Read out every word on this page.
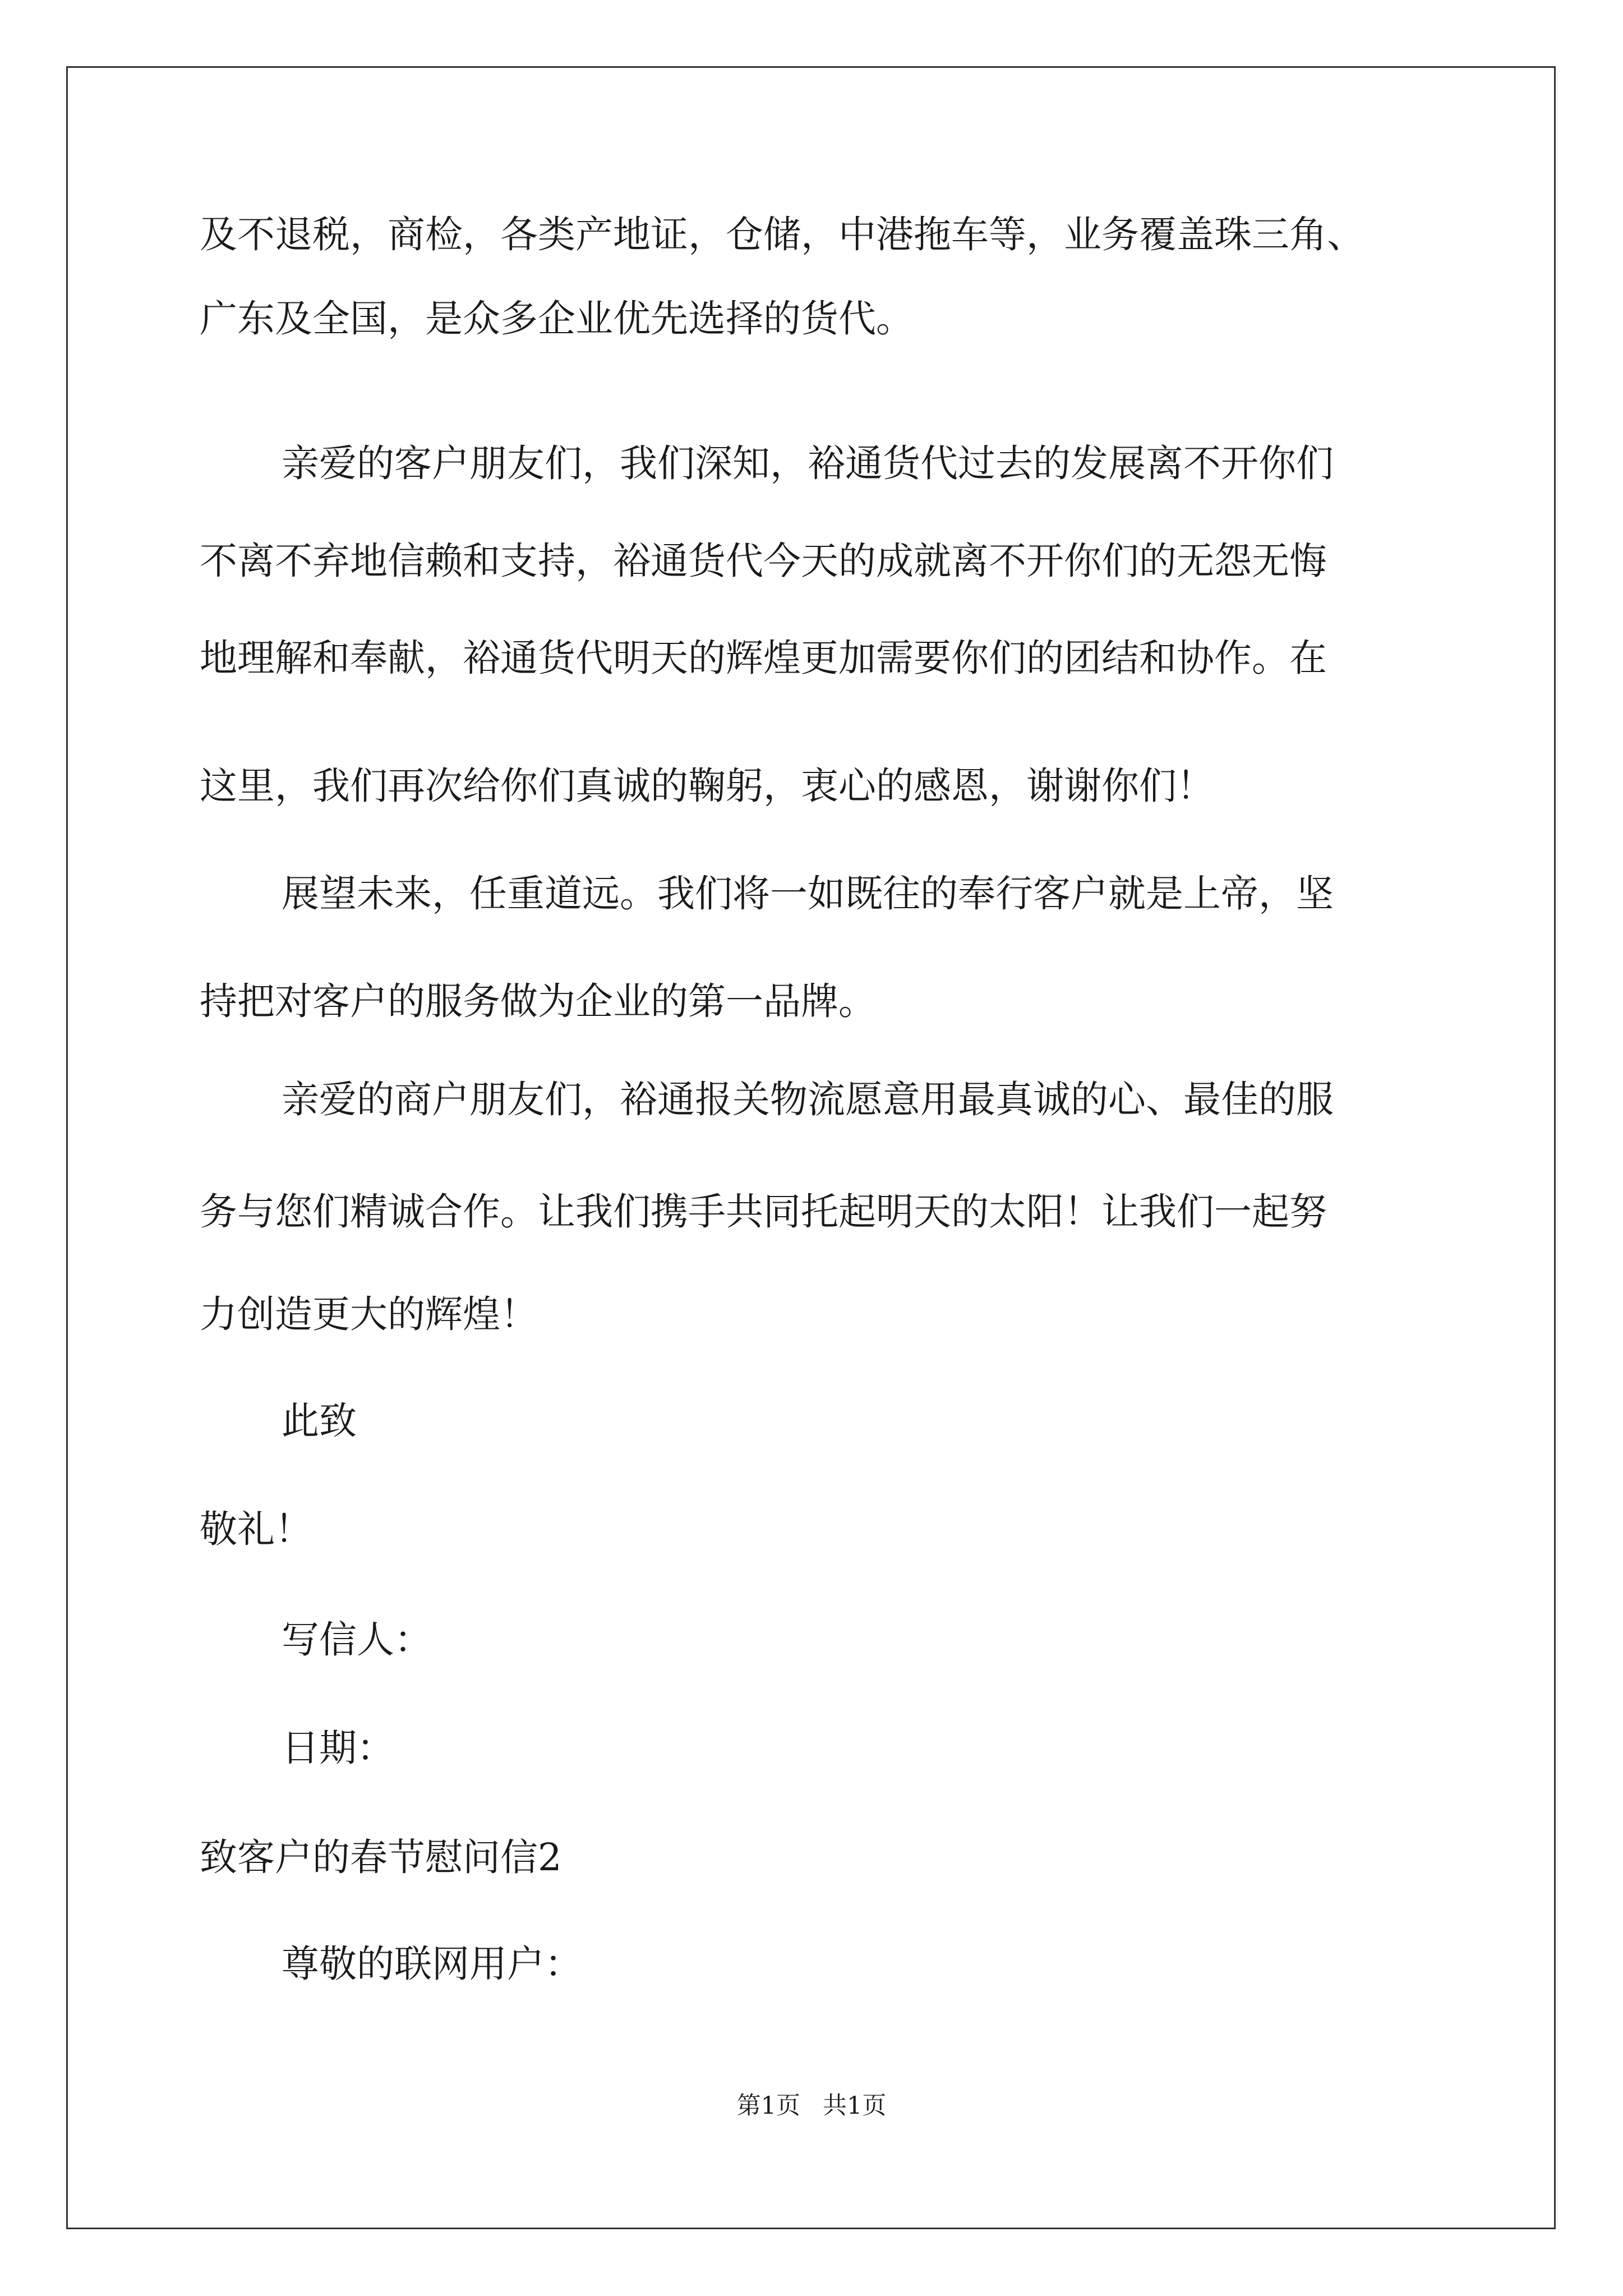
及不退税，商检，各类产地证，仓储，中港拖车等，业务覆盖珠三角、
广东及全国，是众多企业优先选择的货代。
亲爱的客户朋友们，我们深知，裕通货代过去的发展离不开你们
不离不弃地信赖和支持，裕通货代今天的成就离不开你们的无怨无悔
地理解和奉献，裕通货代明天的辉煌更加需要你们的团结和协作。在
这里，我们再次给你们真诚的鞠躬，衷心的感恩，谢谢你们！
展望未来，任重道远。我们将一如既往的奉行客户就是上帝，坚
持把对客户的服务做为企业的第一品牌。
亲爱的商户朋友们，裕通报关物流愿意用最真诚的心、最佳的服
务与您们精诚合作。让我们携手共同托起明天的太阳！让我们一起努
力创造更大的辉煌！
此致
敬礼！
写信人：
日期：
致客户的春节慰问信2
尊敬的联网用户：
第1页 共1页
